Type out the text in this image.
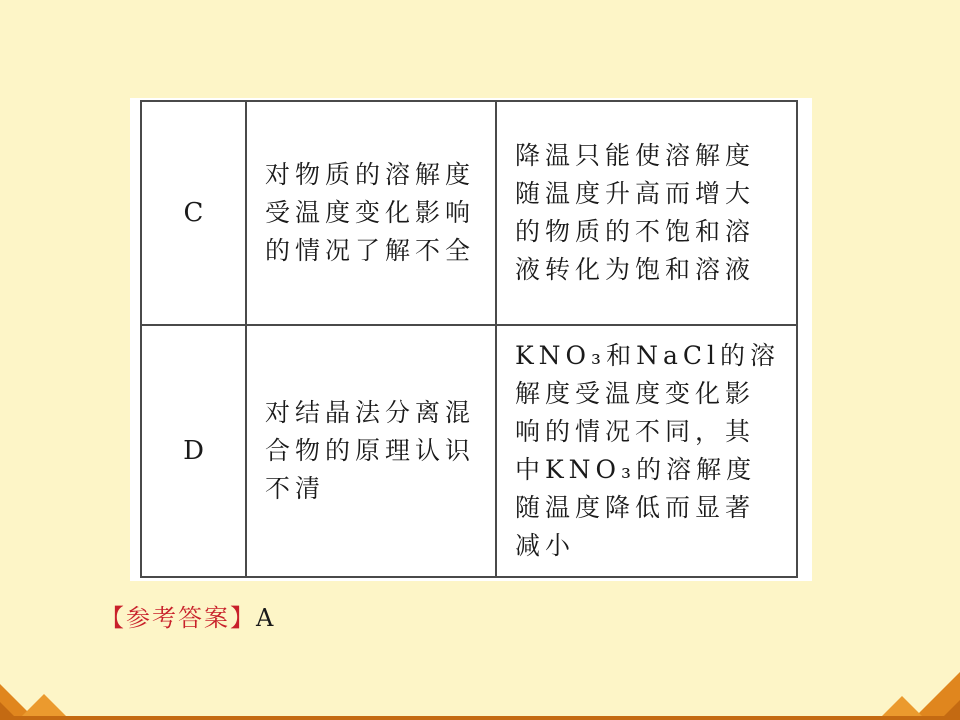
C	对物质的溶解度受温度变化影响的情况了解不全	降温只能使溶解度随温度升高而增大的物质的不饱和溶液转化为饱和溶液
D	对结晶法分离混合物的原理认识不清	KNO₃和NaCl的溶解度受温度变化影响的情况不同，其中KNO₃的溶解度随温度降低而显著减小
【参考答案】A
